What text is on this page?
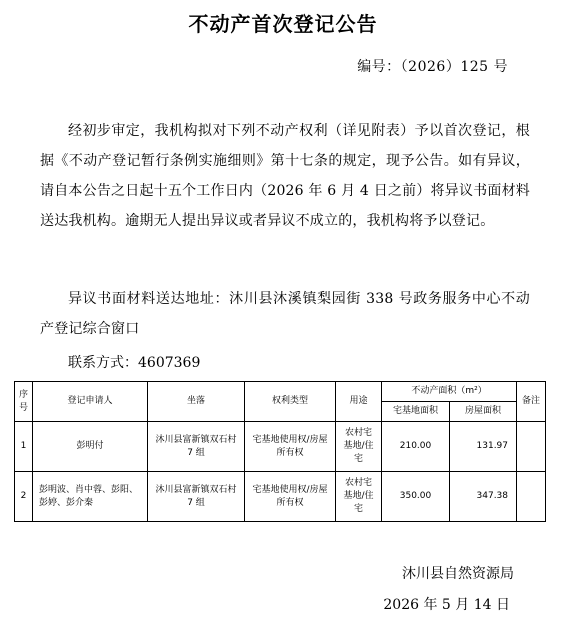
不动产首次登记公告
编号：（2026）125 号

经初步审定，我机构拟对下列不动产权利（详见附表）予以首次登记，根据《不动产登记暂行条例实施细则》第十七条的规定，现予公告。如有异议，请自本公告之日起十五个工作日内（2026 年 6 月 4 日之前）将异议书面材料送达我机构。逾期无人提出异议或者异议不成立的，我机构将予以登记。

异议书面材料送达地址：沐川县沐溪镇梨园街 338 号政务服务中心不动产登记综合窗口

联系方式：4607369
序号	登记申请人	坐落	权利类型	用途	不动产面积（m²）		备注
					宅基地面积	房屋面积	
1	彭明付	沐川县富新镇双石村 7 组	宅基地使用权/房屋所有权	农村宅基地/住宅	210.00	131.97	
2	彭明波、肖中蓉、彭阳、彭婷、彭介秦	沐川县富新镇双石村 7 组	宅基地使用权/房屋所有权	农村宅基地/住宅	350.00	347.38	
沐川县自然资源局
2026 年 5 月 14 日
